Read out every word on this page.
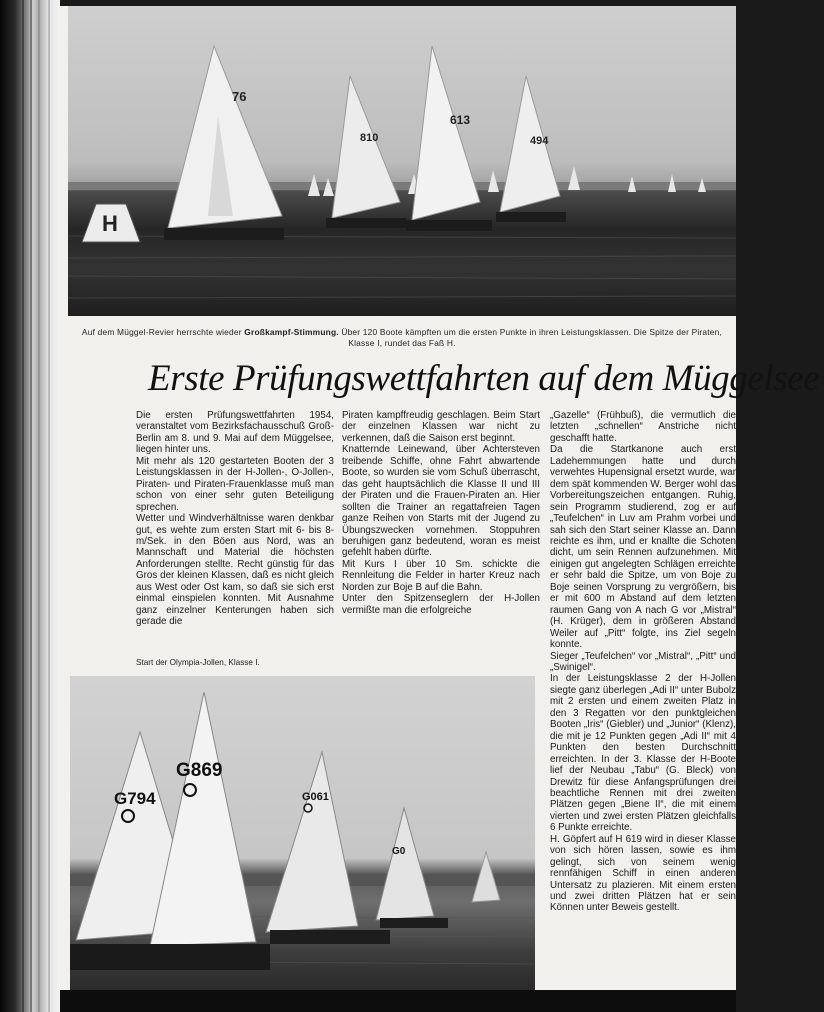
H
76
810
613
494
Auf dem Müggel-Revier herrschte wieder Großkampf-Stimmung. Über 120 Boote kämpften um die ersten Punkte in ihren Leistungsklassen. Die Spitze der Piraten, Klasse I, rundet das Faß H.
Erste Prüfungswettfahrten auf dem Müggelsee

Die ersten Prüfungswettfahrten 1954, veranstaltet vom Bezirksfachausschuß Groß-Berlin am 8. und 9. Mai auf dem Müggelsee, liegen hinter uns.

Mit mehr als 120 gestarteten Booten der 3 Leistungsklassen in der H-Jollen-, O-Jollen-, Piraten- und Piraten-Frauenklasse muß man schon von einer sehr guten Beteiligung sprechen.

Wetter und Windverhältnisse waren denkbar gut, es wehte zum ersten Start mit 6- bis 8-m/Sek. in den Böen aus Nord, was an Mannschaft und Material die höchsten Anforderungen stellte. Recht günstig für das Gros der kleinen Klassen, daß es nicht gleich aus West oder Ost kam, so daß sie sich erst einmal einspielen konnten. Mit Ausnahme ganz einzelner Kenterungen haben sich gerade die

Piraten kampffreudig geschlagen. Beim Start der einzelnen Klassen war nicht zu verkennen, daß die Saison erst beginnt.

Knatternde Leinewand, über Achtersteven treibende Schiffe, ohne Fahrt abwartende Boote, so wurden sie vom Schuß überrascht, das geht hauptsächlich die Klasse II und III der Piraten und die Frauen-Piraten an. Hier sollten die Trainer an regattafreien Tagen ganze Reihen von Starts mit der Jugend zu Übungszwecken vornehmen. Stoppuhren beruhigen ganz bedeutend, woran es meist gefehlt haben dürfte.

Mit Kurs I über 10 Sm. schickte die Rennleitung die Felder in harter Kreuz nach Norden zur Boje B auf die Bahn.

Unter den Spitzenseglern der H-Jollen vermißte man die erfolgreiche

„Gazelle“ (Frühbuß), die vermutlich die letzten „schnellen“ Anstriche nicht geschafft hatte.

Da die Startkanone auch erst Ladehemmungen hatte und durch verwehtes Hupensignal ersetzt wurde, war dem spät kommenden W. Berger wohl das Vorbereitungszeichen entgangen. Ruhig, sein Programm studierend, zog er auf „Teufelchen“ in Luv am Prahm vorbei und sah sich den Start seiner Klasse an. Dann reichte es ihm, und er knallte die Schoten dicht, um sein Rennen aufzunehmen. Mit einigen gut angelegten Schlägen erreichte er sehr bald die Spitze, um von Boje zu Boje seinen Vorsprung zu vergrößern, bis er mit 600 m Abstand auf dem letzten raumen Gang von A nach G vor „Mistral“ (H. Krüger), dem in größeren Abstand Weiler auf „Pitt“ folgte, ins Ziel segeln konnte.

Sieger „Teufelchen“ vor „Mistral“, „Pitt“ und „Swinigel“.

In der Leistungsklasse 2 der H-Jollen siegte ganz überlegen „Adi II“ unter Bubolz mit 2 ersten und einem zweiten Platz in den 3 Regatten vor den punktgleichen Booten „Iris“ (Giebler) und „Junior“ (Klenz), die mit je 12 Punkten gegen „Adi II“ mit 4 Punkten den besten Durchschnitt erreichten. In der 3. Klasse der H-Boote lief der Neubau „Tabu“ (G. Bleck) von Drewitz für diese Anfangsprüfungen drei beachtliche Rennen mit drei zweiten Plätzen gegen „Biene II“, die mit einem vierten und zwei ersten Plätzen gleichfalls 6 Punkte erreichte.

H. Göpfert auf H 619 wird in dieser Klasse von sich hören lassen, sowie es ihm gelingt, sich von seinem wenig rennfähigen Schiff in einen anderen Untersatz zu plazieren. Mit einem ersten und zwei dritten Plätzen hat er sein Können unter Beweis gestellt.

Start der Olympia-Jollen, Klasse I.
G794
G869
G061
G0
